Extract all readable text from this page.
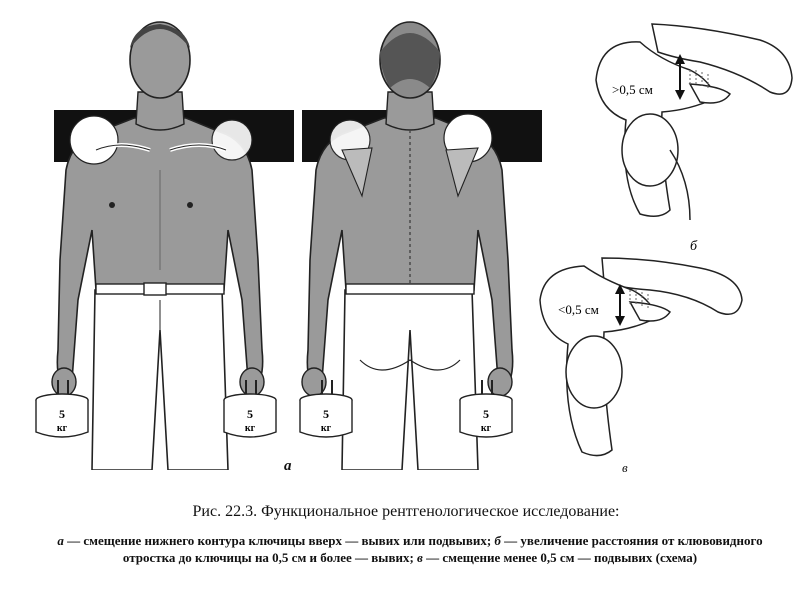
5
кг
5
кг
5
кг
5
кг
>0,5 см
б
<0,5 см
а	в
Рис. 22.3. Функциональное рентгенологическое исследование:
а — смещение нижнего контура ключицы вверх — вывих или подвывих; б — увеличение расстояния от клювовидного отростка до ключицы на 0,5 см и более — вывих; в — смещение менее 0,5 см — подвывих (схема)
